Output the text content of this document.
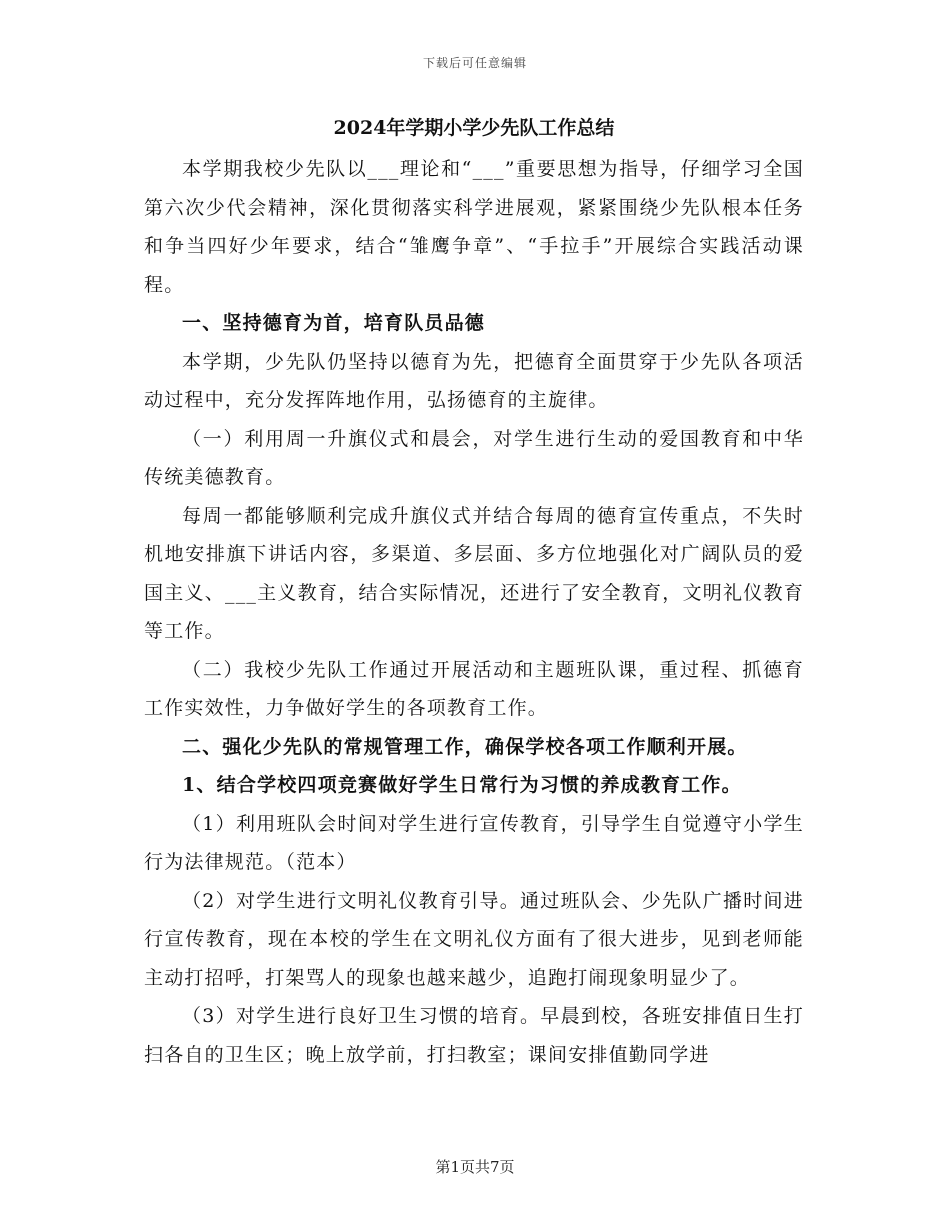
下载后可任意编辑
2024年学期小学少先队工作总结

本学期我校少先队以___理论和“___”重要思想为指导，仔细学习全国第六次少代会精神，深化贯彻落实科学进展观，紧紧围绕少先队根本任务和争当四好少年要求，结合“雏鹰争章”、“手拉手”开展综合实践活动课程。

一、坚持德育为首，培育队员品德

本学期，少先队仍坚持以德育为先，把德育全面贯穿于少先队各项活动过程中，充分发挥阵地作用，弘扬德育的主旋律。

（一）利用周一升旗仪式和晨会，对学生进行生动的爱国教育和中华传统美德教育。

每周一都能够顺利完成升旗仪式并结合每周的德育宣传重点，不失时机地安排旗下讲话内容，多渠道、多层面、多方位地强化对广阔队员的爱国主义、___主义教育，结合实际情况，还进行了安全教育，文明礼仪教育等工作。

（二）我校少先队工作通过开展活动和主题班队课，重过程、抓德育工作实效性，力争做好学生的各项教育工作。

二、强化少先队的常规管理工作，确保学校各项工作顺利开展。

1、结合学校四项竞赛做好学生日常行为习惯的养成教育工作。

（1）利用班队会时间对学生进行宣传教育，引导学生自觉遵守小学生行为法律规范。（范本）

（2）对学生进行文明礼仪教育引导。通过班队会、少先队广播时间进行宣传教育，现在本校的学生在文明礼仪方面有了很大进步，见到老师能主动打招呼，打架骂人的现象也越来越少，追跑打闹现象明显少了。

（3）对学生进行良好卫生习惯的培育。早晨到校，各班安排值日生打扫各自的卫生区；晚上放学前，打扫教室；课间安排值勤同学进

第1页共7页
